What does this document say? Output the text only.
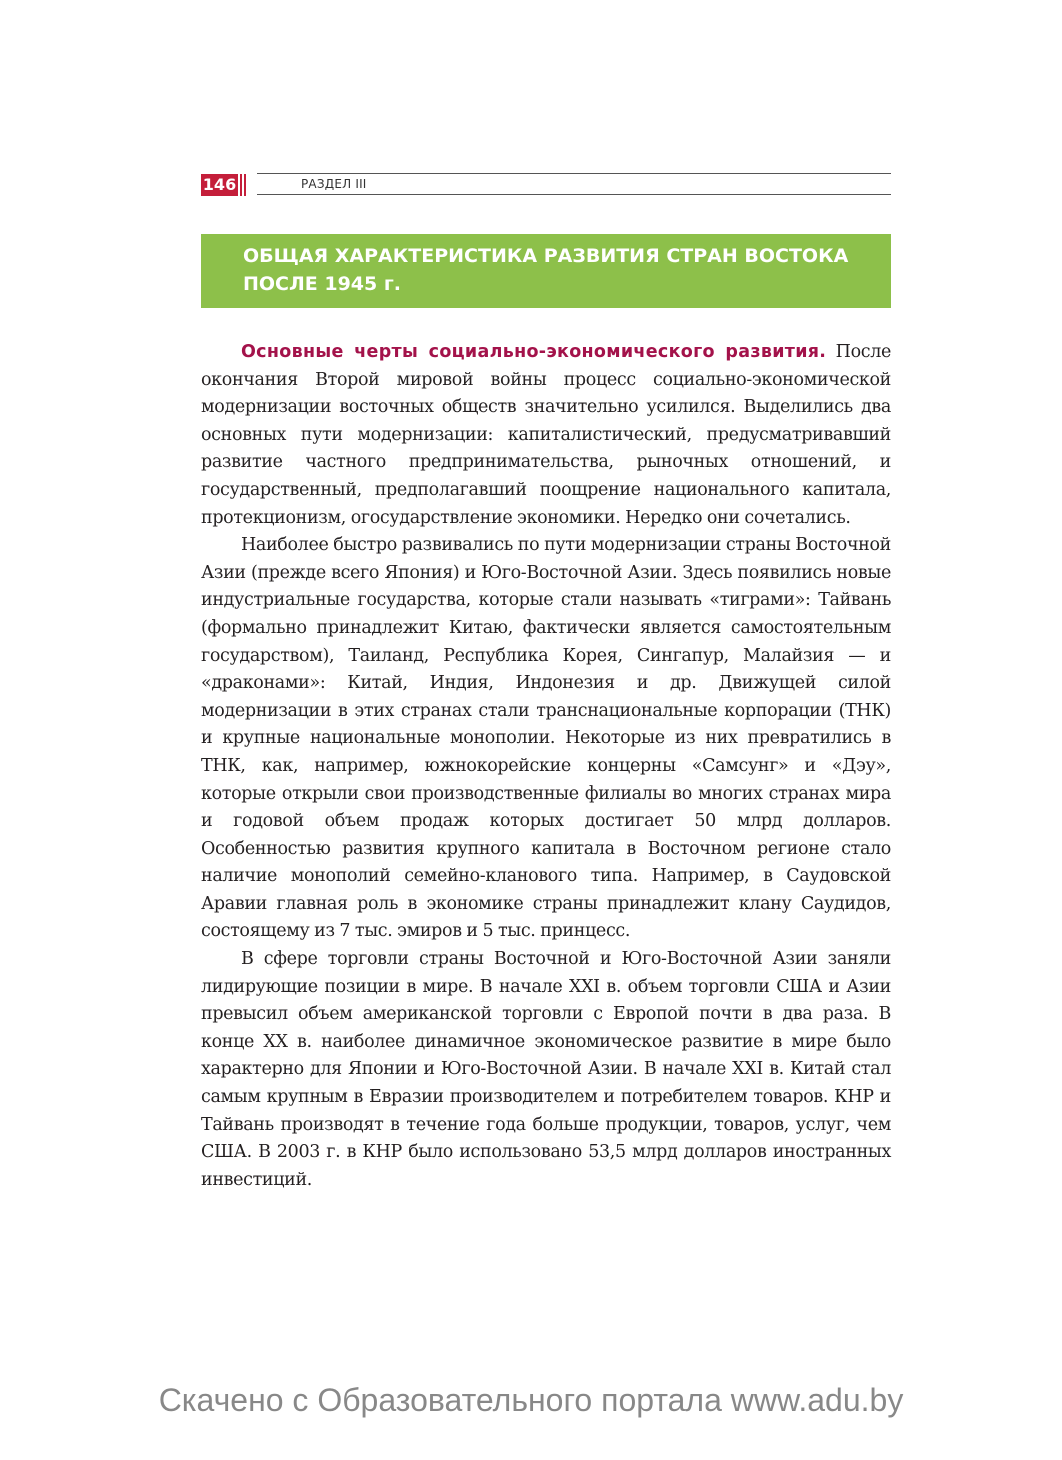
146	РАЗДЕЛ III
ОБЩАЯ ХАРАКТЕРИСТИКА РАЗВИТИЯ СТРАН ВОСТОКА
ПОСЛЕ 1945 г.

Основные черты социально-экономического развития. После окончания Второй мировой войны процесс социально-экономической модернизации восточных обществ значительно усилился. Выделились два основных пути модернизации: капиталистический, предусматривавший развитие частного предпринимательства, рыночных отношений, и государственный, предполагавший поощрение национального капитала, протекционизм, огосударствление экономики. Нередко они сочетались.

Наиболее быстро развивались по пути модернизации страны Восточной Азии (прежде всего Япония) и Юго-Восточной Азии. Здесь появились новые индустриальные государства, которые стали называть «тиграми»: Тайвань (формально принадлежит Китаю, фактически является самостоятельным государством), Таиланд, Республика Корея, Сингапур, Малайзия — и «драконами»: Китай, Индия, Индонезия и др. Движущей силой модернизации в этих странах стали транснациональные корпорации (ТНК) и крупные национальные монополии. Некоторые из них превратились в ТНК, как, например, южнокорейские концерны «Самсунг» и «Дэу», которые открыли свои производственные филиалы во многих странах мира и годовой объем продаж которых достигает 50 млрд долларов. Особенностью развития крупного капитала в Восточном регионе стало наличие монополий семейно-кланового типа. Например, в Саудовской Аравии главная роль в экономике страны принадлежит клану Саудидов, состоящему из 7 тыс. эмиров и 5 тыс. принцесс.

В сфере торговли страны Восточной и Юго-Восточной Азии заняли лидирующие позиции в мире. В начале XXI в. объем торговли США и Азии превысил объем американской торговли с Европой почти в два раза. В конце XX в. наиболее динамичное экономическое развитие в мире было характерно для Японии и Юго-Восточной Азии. В начале XXI в. Китай стал самым крупным в Евразии производителем и потребителем товаров. КНР и Тайвань производят в течение года больше продукции, товаров, услуг, чем США. В 2003 г. в КНР было использовано 53,5 млрд долларов иностранных инвестиций.

Скачено с Образовательного портала www.adu.by
